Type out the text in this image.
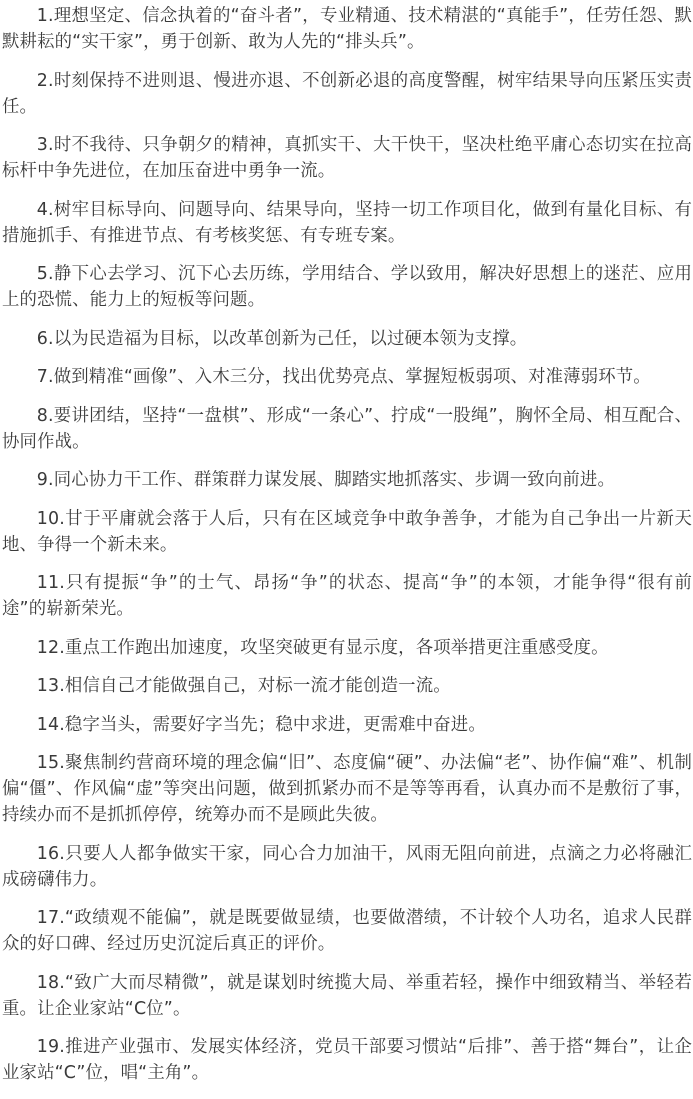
1.理想坚定、信念执着的“奋斗者”，专业精通、技术精湛的“真能手”，任劳任怨、默默耕耘的“实干家”，勇于创新、敢为人先的“排头兵”。

2.时刻保持不进则退、慢进亦退、不创新必退的高度警醒，树牢结果导向压紧压实责任。

3.时不我待、只争朝夕的精神，真抓实干、大干快干，坚决杜绝平庸心态切实在拉高标杆中争先进位，在加压奋进中勇争一流。

4.树牢目标导向、问题导向、结果导向，坚持一切工作项目化，做到有量化目标、有措施抓手、有推进节点、有考核奖惩、有专班专案。

5.静下心去学习、沉下心去历练，学用结合、学以致用，解决好思想上的迷茫、应用上的恐慌、能力上的短板等问题。

6.以为民造福为目标，以改革创新为己任，以过硬本领为支撑。

7.做到精准“画像”、入木三分，找出优势亮点、掌握短板弱项、对准薄弱环节。

8.要讲团结，坚持“一盘棋”、形成“一条心”、拧成“一股绳”，胸怀全局、相互配合、协同作战。

9.同心协力干工作、群策群力谋发展、脚踏实地抓落实、步调一致向前进。

10.甘于平庸就会落于人后，只有在区域竞争中敢争善争，才能为自己争出一片新天地、争得一个新未来。

11.只有提振“争”的士气、昂扬“争”的状态、提高“争”的本领，才能争得“很有前途”的崭新荣光。

12.重点工作跑出加速度，攻坚突破更有显示度，各项举措更注重感受度。

13.相信自己才能做强自己，对标一流才能创造一流。

14.稳字当头，需要好字当先；稳中求进，更需难中奋进。

15.聚焦制约营商环境的理念偏“旧”、态度偏“硬”、办法偏“老”、协作偏“难”、机制偏“僵”、作风偏“虚”等突出问题，做到抓紧办而不是等等再看，认真办而不是敷衍了事，持续办而不是抓抓停停，统筹办而不是顾此失彼。

16.只要人人都争做实干家，同心合力加油干，风雨无阻向前进，点滴之力必将融汇成磅礴伟力。

17.“政绩观不能偏”，就是既要做显绩，也要做潜绩，不计较个人功名，追求人民群众的好口碑、经过历史沉淀后真正的评价。

18.“致广大而尽精微”，就是谋划时统揽大局、举重若轻，操作中细致精当、举轻若重。让企业家站“C位”。

19.推进产业强市、发展实体经济，党员干部要习惯站“后排”、善于搭“舞台”，让企业家站“C”位，唱“主角”。
